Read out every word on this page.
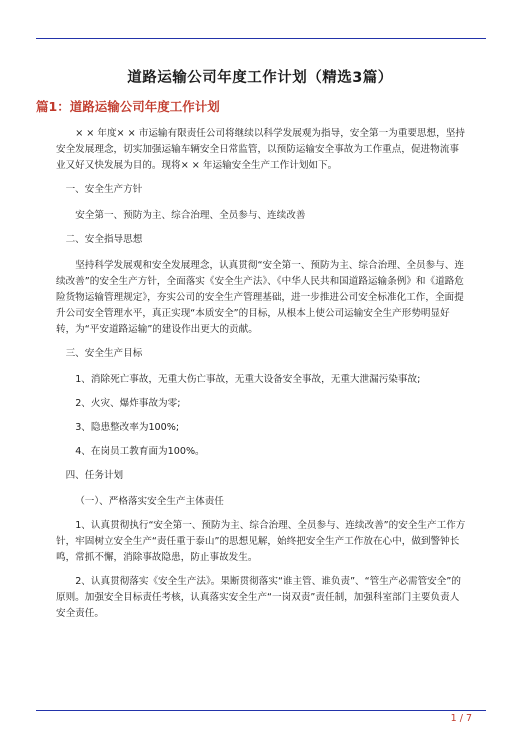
道路运输公司年度工作计划（精选3篇）
篇1：道路运输公司年度工作计划

× × 年度× × 市运输有限责任公司将继续以科学发展观为指导，安全第一为重要思想，坚持安全发展理念，切实加强运输车辆安全日常监管，以预防运输安全事故为工作重点，促进物流事业又好又快发展为目的。现将× × 年运输安全生产工作计划如下。

一、安全生产方针

安全第一、预防为主、综合治理、全员参与、连续改善

二、安全指导思想

坚持科学发展观和安全发展理念，认真贯彻“安全第一、预防为主、综合治理、全员参与、连续改善”的安全生产方针，全面落实《安全生产法》、《中华人民共和国道路运输条例》和《道路危险货物运输管理规定》，夯实公司的安全生产管理基础，进一步推进公司安全标准化工作，全面提升公司安全管理水平，真正实现“本质安全”的目标，从根本上使公司运输安全生产形势明显好转，为“平安道路运输”的建设作出更大的贡献。

三、安全生产目标

1、消除死亡事故，无重大伤亡事故，无重大设备安全事故，无重大泄漏污染事故;

2、火灾、爆炸事故为零;

3、隐患整改率为100%;

4、在岗员工教育面为100%。

四、任务计划

（一）、严格落实安全生产主体责任

1、认真贯彻执行“安全第一、预防为主、综合治理、全员参与、连续改善”的安全生产工作方针，牢固树立安全生产“责任重于泰山”的思想见解，始终把安全生产工作放在心中，做到警钟长鸣，常抓不懈，消除事故隐患，防止事故发生。

2、认真贯彻落实《安全生产法》。果断贯彻落实“谁主管、谁负责”、“管生产必需管安全”的原则。加强安全目标责任考核，认真落实安全生产“一岗双责”责任制，加强科室部门主要负责人安全责任。

1 / 7
